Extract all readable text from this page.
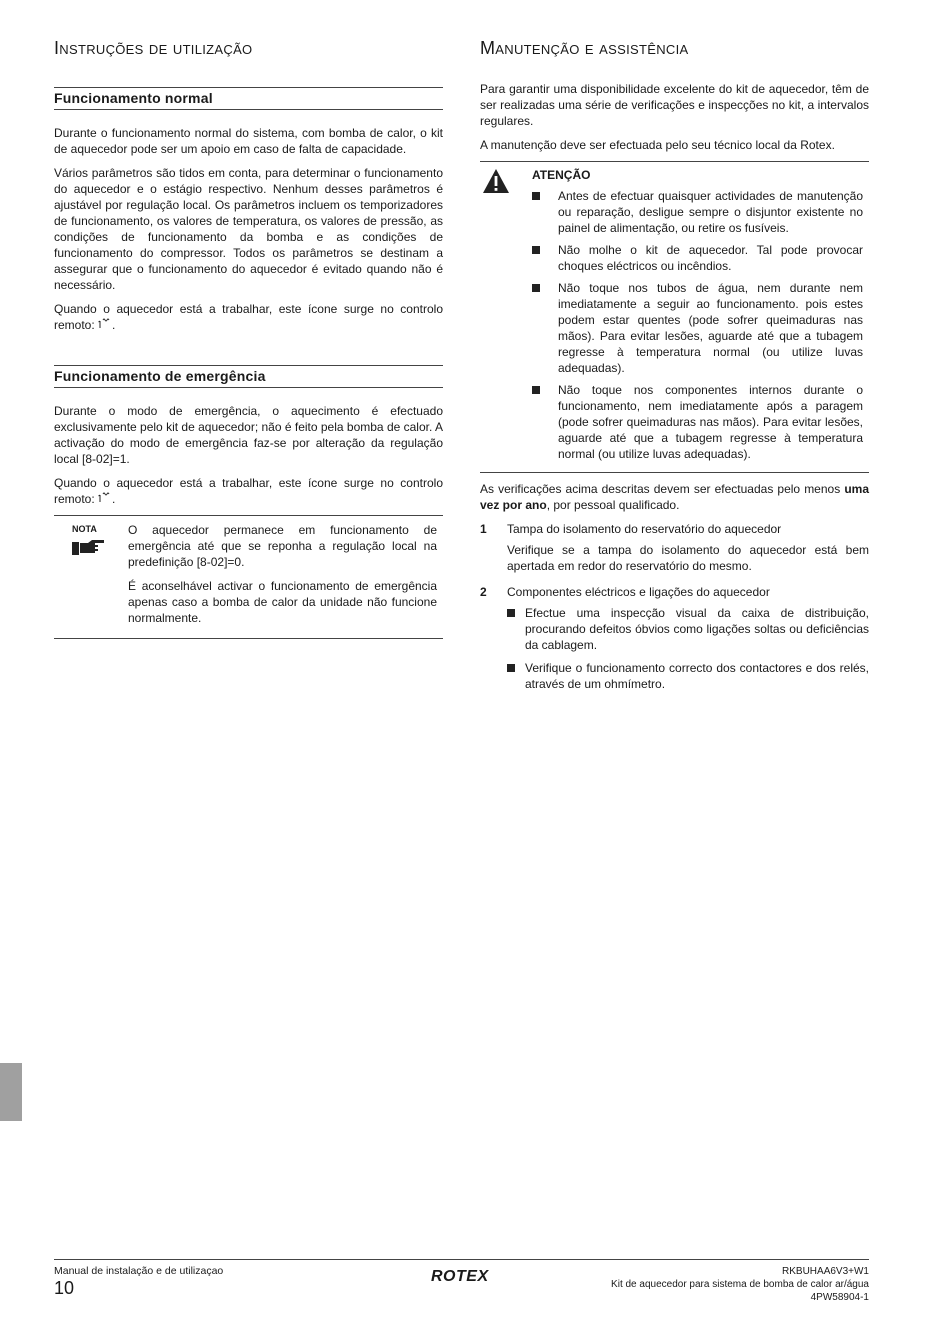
Instruções de utilização
Funcionamento normal

Durante o funcionamento normal do sistema, com bomba de calor, o kit de aquecedor pode ser um apoio em caso de falta de capacidade.

Vários parâmetros são tidos em conta, para determinar o funcionamento do aquecedor e o estágio respectivo. Nenhum desses parâmetros é ajustável por regulação local. Os parâmetros incluem os temporizadores de funcionamento, os valores de temperatura, os valores de pressão, as condições de funcionamento da bomba e as condições de funcionamento do compressor. Todos os parâmetros se destinam a assegurar que o funcionamento do aquecedor é evitado quando não é necessário.

Quando o aquecedor está a trabalhar, este ícone surge no controlo remoto: .

Funcionamento de emergência

Durante o modo de emergência, o aquecimento é efectuado exclusivamente pelo kit de aquecedor; não é feito pela bomba de calor. A activação do modo de emergência faz-se por alteração da regulação local [8-02]=1.

Quando o aquecedor está a trabalhar, este ícone surge no controlo remoto: .

NOTA	O aquecedor permanece em funcionamento de emergência até que se reponha a regulação local na predefinição [8-02]=0.

É aconselhável activar o funcionamento de emergência apenas caso a bomba de calor da unidade não funcione normalmente.

Manutenção e assistência

Para garantir uma disponibilidade excelente do kit de aquecedor, têm de ser realizadas uma série de verificações e inspecções no kit, a intervalos regulares.

A manutenção deve ser efectuada pelo seu técnico local da Rotex.

ATENÇÃO

Antes de efectuar quaisquer actividades de manutenção ou reparação, desligue sempre o disjuntor existente no painel de alimentação, ou retire os fusíveis.

Não molhe o kit de aquecedor. Tal pode provocar choques eléctricos ou incêndios.

Não toque nos tubos de água, nem durante nem imediatamente a seguir ao funcionamento. pois estes podem estar quentes (pode sofrer queimaduras nas mãos). Para evitar lesões, aguarde até que a tubagem regresse à temperatura normal (ou utilize luvas adequadas).

Não toque nos componentes internos durante o funcionamento, nem imediatamente após a paragem (pode sofrer queimaduras nas mãos). Para evitar lesões, aguarde até que a tubagem regresse à temperatura normal (ou utilize luvas adequadas).

As verificações acima descritas devem ser efectuadas pelo menos uma vez por ano, por pessoal qualificado.

1	Tampa do isolamento do reservatório do aquecedor

Verifique se a tampa do isolamento do aquecedor está bem apertada em redor do reservatório do mesmo.

2	Componentes eléctricos e ligações do aquecedor

Efectue uma inspecção visual da caixa de distribuição, procurando defeitos óbvios como ligações soltas ou deficiências da cablagem.

Verifique o funcionamento correcto dos contactores e dos relés, através de um ohmímetro.

Manual de instalação e de utilizaçao
10
ROTEX	RKBUHAA6V3+W1
Kit de aquecedor para sistema de bomba de calor ar/água
4PW58904-1
